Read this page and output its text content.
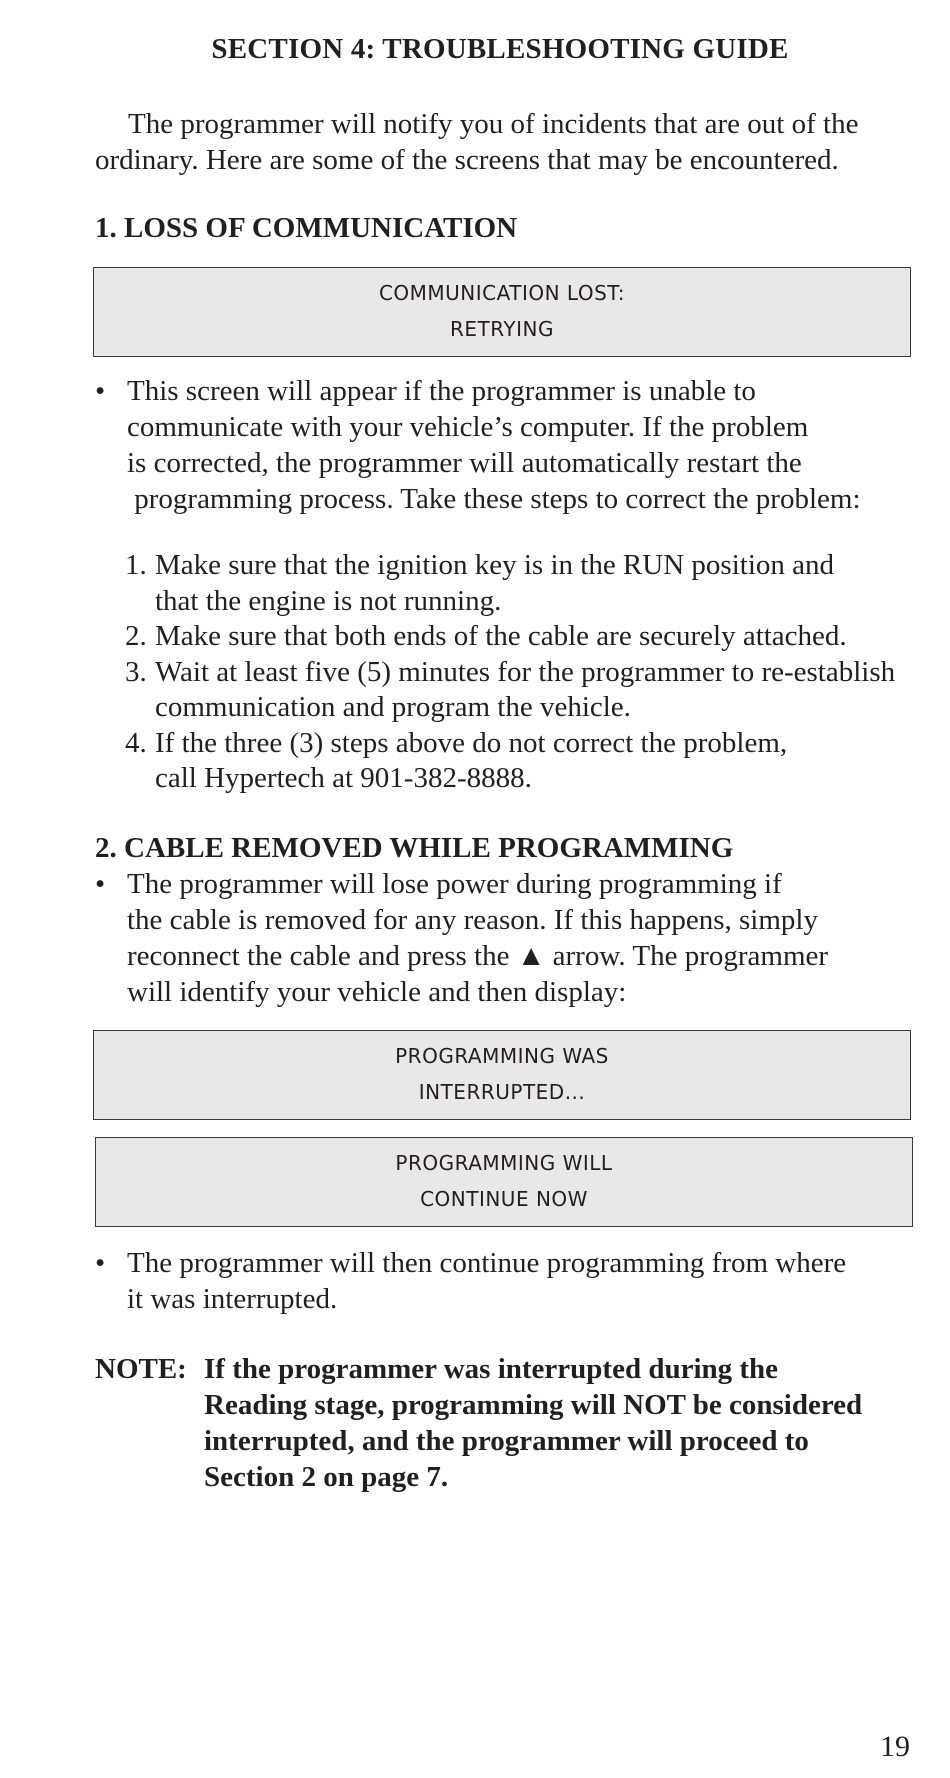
SECTION 4: TROUBLESHOOTING GUIDE
The programmer will notify you of incidents that are out of the
ordinary. Here are some of the screens that may be encountered.
1. LOSS OF COMMUNICATION
COMMUNICATION LOST:
RETRYING
• This screen will appear if the programmer is unable to
communicate with your vehicle’s computer. If the problem
is corrected, the programmer will automatically restart the
programming process. Take these steps to correct the problem:
1. Make sure that the ignition key is in the RUN position and
that the engine is not running.
2. Make sure that both ends of the cable are securely attached.
3. Wait at least five (5) minutes for the programmer to re-establish
communication and program the vehicle.
4. If the three (3) steps above do not correct the problem,
call Hypertech at 901-382-8888.
2. CABLE REMOVED WHILE PROGRAMMING
• The programmer will lose power during programming if
the cable is removed for any reason. If this happens, simply
reconnect the cable and press the ▲ arrow. The programmer
will identify your vehicle and then display:
PROGRAMMING WAS
INTERRUPTED...
PROGRAMMING WILL
CONTINUE NOW
• The programmer will then continue programming from where
it was interrupted.
NOTE: If the programmer was interrupted during the
Reading stage, programming will NOT be considered
interrupted, and the programmer will proceed to
Section 2 on page 7.
19
